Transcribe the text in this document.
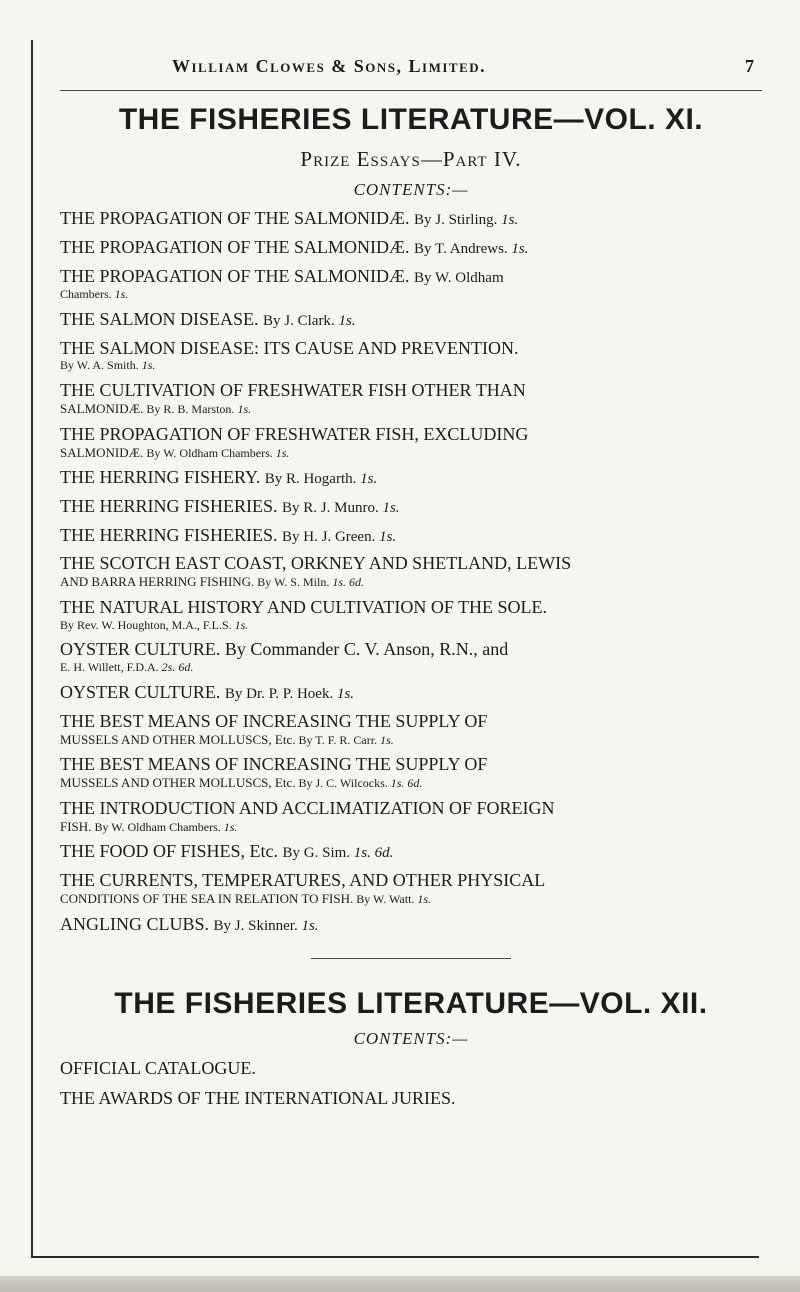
William Clowes & Sons, Limited.	7
THE FISHERIES LITERATURE—VOL. XI.
Prize Essays—Part IV.
CONTENTS:—
THE PROPAGATION OF THE SALMONIDÆ. By J. Stirling. 1s.
THE PROPAGATION OF THE SALMONIDÆ. By T. Andrews. 1s.
THE PROPAGATION OF THE SALMONIDÆ. By W. Oldham
Chambers. 1s.
THE SALMON DISEASE. By J. Clark. 1s.
THE SALMON DISEASE: ITS CAUSE AND PREVENTION.
By W. A. Smith. 1s.
THE CULTIVATION OF FRESHWATER FISH OTHER THAN
SALMONIDÆ. By R. B. Marston. 1s.
THE PROPAGATION OF FRESHWATER FISH, EXCLUDING
SALMONIDÆ. By W. Oldham Chambers. 1s.
THE HERRING FISHERY. By R. Hogarth. 1s.
THE HERRING FISHERIES. By R. J. Munro. 1s.
THE HERRING FISHERIES. By H. J. Green. 1s.
THE SCOTCH EAST COAST, ORKNEY AND SHETLAND, LEWIS
AND BARRA HERRING FISHING. By W. S. Miln. 1s. 6d.
THE NATURAL HISTORY AND CULTIVATION OF THE SOLE.
By Rev. W. Houghton, M.A., F.L.S. 1s.
OYSTER CULTURE. By Commander C. V. Anson, R.N., and
E. H. Willett, F.D.A. 2s. 6d.
OYSTER CULTURE. By Dr. P. P. Hoek. 1s.
THE BEST MEANS OF INCREASING THE SUPPLY OF
MUSSELS AND OTHER MOLLUSCS, Etc. By T. F. R. Carr. 1s.
THE BEST MEANS OF INCREASING THE SUPPLY OF
MUSSELS AND OTHER MOLLUSCS, Etc. By J. C. Wilcocks. 1s. 6d.
THE INTRODUCTION AND ACCLIMATIZATION OF FOREIGN
FISH. By W. Oldham Chambers. 1s.
THE FOOD OF FISHES, Etc. By G. Sim. 1s. 6d.
THE CURRENTS, TEMPERATURES, AND OTHER PHYSICAL
CONDITIONS OF THE SEA IN RELATION TO FISH. By W. Watt. 1s.
ANGLING CLUBS. By J. Skinner. 1s.
THE FISHERIES LITERATURE—VOL. XII.
CONTENTS:—
OFFICIAL CATALOGUE.
THE AWARDS OF THE INTERNATIONAL JURIES.
